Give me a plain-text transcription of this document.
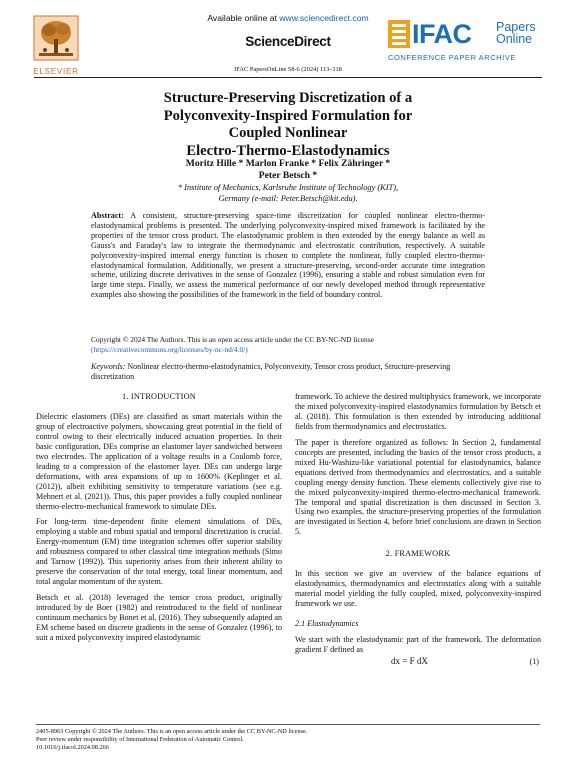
Available online at www.sciencedirect.com
ScienceDirect
IFAC PapersOnLine 58-6 (2024) 113–118
ELSEVIER
IFAC Papers
Online
CONFERENCE PAPER ARCHIVE
Structure-Preserving Discretization of a
Polyconvexity-Inspired Formulation for
Coupled Nonlinear
Electro-Thermo-Elastodynamics
Moritz Hille * Marlon Franke * Felix Zähringer *
Peter Betsch *
* Institute of Mechanics, Karlsruhe Institute of Technology (KIT),
Germany (e-mail: Peter.Betsch@kit.edu).
Abstract: A consistent, structure-preserving space-time discretization for coupled nonlinear electro-thermo-elastodynamical problems is presented. The underlying polyconvexity-inspired mixed framework is facilitated by the properties of the tensor cross product. The elastodynamic problem is then extended by the energy balance as well as Gauss's and Faraday's law to integrate the thermodynamic and electrostatic contribution, respectively. A suitable polyconvexity-inspired internal energy function is chosen to complete the nonlinear, fully coupled electro-thermo-elastodynamical formulation. Additionally, we present a structure-preserving, second-order accurate time integration scheme, utilizing discrete derivatives in the sense of Gonzalez (1996), ensuring a stable and robust simulation even for large time steps. Finally, we assess the numerical performance of our newly developed method through representative examples also showing the possibilities of the framework in the field of boundary control.
Copyright © 2024 The Authors. This is an open access article under the CC BY-NC-ND license
(https://creativecommons.org/licenses/by-nc-nd/4.0/)
Keywords: Nonlinear electro-thermo-elastodynamics, Polyconvexity, Tensor cross product, Structure-preserving discretization
1. INTRODUCTION

Dielectric elastomers (DEs) are classified as smart materials within the group of electroactive polymers, showcasing great potential in the field of control owing to their electrically induced actuation properties. In their basic configuration, DEs comprise an elastomer layer sandwiched between two electrodes. The application of a voltage results in a Coulomb force, leading to a compression of the elastomer layer. DEs can undergo large deformations, with area expansions of up to 1600% (Keplinger et al. (2012)), albeit exhibiting sensitivity to temperature variations (see e.g. Mehnert et al. (2021)). Thus, this paper provides a fully coupled nonlinear thermo-electro-mechanical framework to simulate DEs.

For long-term time-dependent finite element simulations of DEs, employing a stable and robust spatial and temporal discretization is crucial. Energy-momentum (EM) time integration schemes offer superior stability and robustness compared to other classical time integration methods (Simo and Tarnow (1992)). This superiority arises from their inherent ability to preserve the conservation of the total energy, total linear momentum, and total angular momentum of the system.

Betsch et al. (2018) leveraged the tensor cross product, originally introduced by de Boer (1982) and reintroduced to the field of nonlinear continuum mechanics by Bonet et al. (2016). They subsequently adapted an EM scheme based on discrete gradients in the sense of Gonzalez (1996), to suit a mixed polyconvexity inspired elastodynamic

framework. To achieve the desired multiphysics framework, we incorporate the mixed polyconvexity-inspired elastodynamics formulation by Betsch et al. (2018). This formulation is then extended by introducing additional fields from thermodynamics and electrostatics.

The paper is therefore organized as follows: In Section 2, fundamental concepts are presented, including the basics of the tensor cross products, a mixed Hu-Washizu-like variational potential for elastodynamics, balance equations derived from thermodynamics and electrostatics, and a suitable coupling energy density function. These elements collectively give rise to the mixed polyconvexity-inspired thermo-electro-mechanical framework. The temporal and spatial discretization is then discussed in Section 3. Using two examples, the structure-preserving properties of the formulation are investigated in Section 4, before brief conclusions are drawn in Section 5.

2. FRAMEWORK

In this section we give an overview of the balance equations of elastodynamics, thermodynamics and electrostatics along with a suitable material model yielding the fully coupled, mixed, polyconvexity-inspired framework we use.

2.1 Elastodynamics

We start with the elastodynamic part of the framework. The deformation gradient F defined as

dx = F dX	(1)
2405-8963 Copyright © 2024 The Authors. This is an open access article under the CC BY-NC-ND license.
Peer review under responsibility of International Federation of Automatic Control.
10.1016/j.ifacol.2024.08.266
